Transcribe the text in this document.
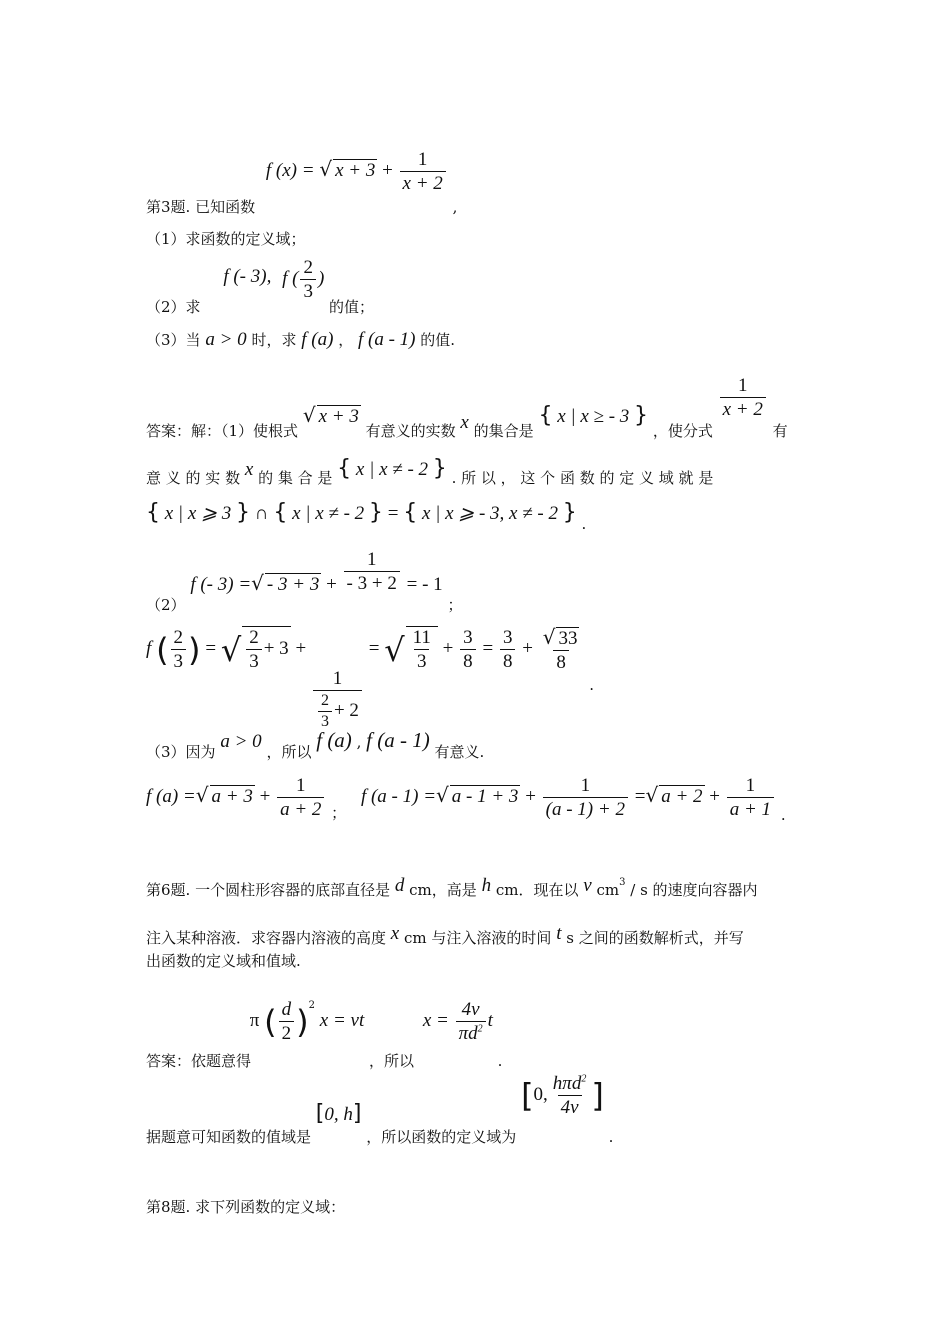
第3题. 已知函数 f (x) = √ $x + 3 + \frac{1}{x + 2}$
,
（1）求函数的定义域；
（2）求 f (- 3), f ( $\frac{2}{3}$ ) 的值；
（3）当 a > 0 时，求 f (a) ， f (a - 1) 的值.
答案：解：（1）使根式 √ x + 3 有意义的实数 x 的集合是 { x | x ≥ - 3 } ，使分式
$\frac{1}{x + 2}$
有
意 义 的 实 数 x 的 集 合 是 { x | x ≠ - 2 } . 所 以 ， 这 个 函 数 的 定 义 域 就 是
{ x | x ⩾ 3 } ∩ { x | x ≠ - 2 } = { x | x ⩾ - 3, x ≠ - 2 } .
（2） f (- 3) =√ - $3 + 3 + \frac{1}{- 3 + 2}$ = - 1 ；
f ( $\frac{2}{3}$ ) = √ $\frac{2}{3} + 3$ +
$\frac{1}{\frac{2}{3} + 2}$
= √ $\frac{11}{3} + \frac{3}{8} = \frac{3}{8} + \frac{√ 33}{8}$
.
（3）因为 a > 0 ，所以 f (a) , f (a - 1) 有意义.
f (a) =√ $a + 3 + \frac{1}{a + 2}$ ； f (a - 1) =√ $a - 1 + 3 + \frac{1}{(a - 1) + 2}$ =√ $a + 2 + \frac{1}{a + 1}$ .
第6题. 一个圆柱形容器的底部直径是 d cm，高是 h cm．现在以 v $cm^3$ / s 的速度向容器内
注入某种溶液．求容器内溶液的高度 x cm 与注入溶液的时间 t s 之间的函数解析式，并写
出函数的定义域和值域.
答案：依题意得 π ( $\frac{d}{2} )^2$ x = vt ，所以 $x = \frac{4v}{\pi d^2}$ t .
据题意可知函数的值域是 [0, h] ，所以函数的定义域为 [0, $\frac{h\pi d^2}{4v}$ ] .
第8题. 求下列函数的定义域：
